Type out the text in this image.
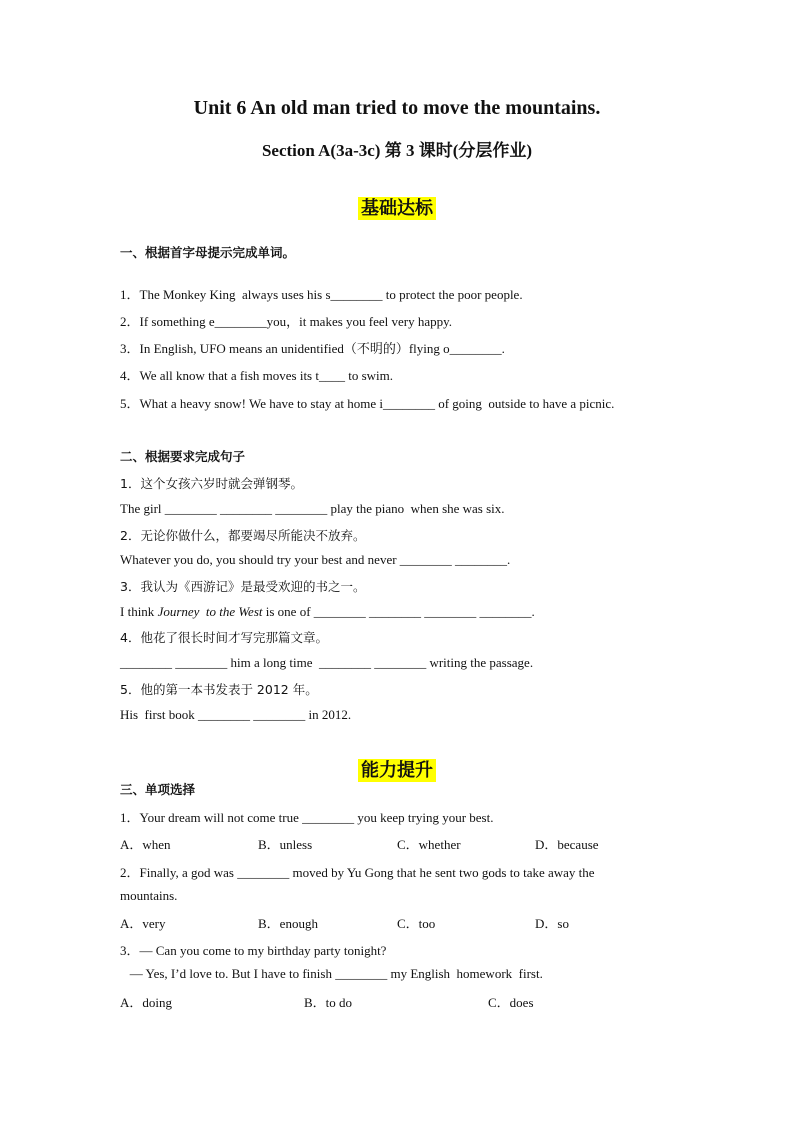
Unit 6 An old man tried to move the mountains.
Section A(3a-3c) 第 3 课时(分层作业)
基础达标
一、根据首字母提示完成单词。
1．The Monkey King  always uses his s________ to protect the poor people.
2．If something e________you，it makes you feel very happy.
3．In English, UFO means an unidentified（不明的）flying o________.
4．We all know that a fish moves its t____ to swim.
5．What a heavy snow! We have to stay at home i________ of going  outside to have a picnic.
二、根据要求完成句子
1．这个女孩六岁时就会弹钢琴。
The girl ________ ________ ________ play the piano  when she was six.
2．无论你做什么，都要竭尽所能决不放弃。
Whatever you do, you should try your best and never ________ ________.
3．我认为《西游记》是最受欢迎的书之一。
I think Journey  to the West is one of ________ ________ ________ ________.
4．他花了很长时间才写完那篇文章。
________ ________ him a long time  ________ ________ writing the passage.
5．他的第一本书发表于 2012 年。
His  first book ________ ________ in 2012.
能力提升
三、单项选择
1．Your dream will not come true ________ you keep trying your best.
A．when	B．unless	C．whether	D．because
2．Finally, a god was ________ moved by Yu Gong that he sent two gods to take away the
mountains.
A．very	B．enough	C．too	D．so
3．— Can you come to my birthday party tonight?
— Yes, I’d love to. But I have to finish ________ my English  homework  first.
A．doing	B．to do	C．does
